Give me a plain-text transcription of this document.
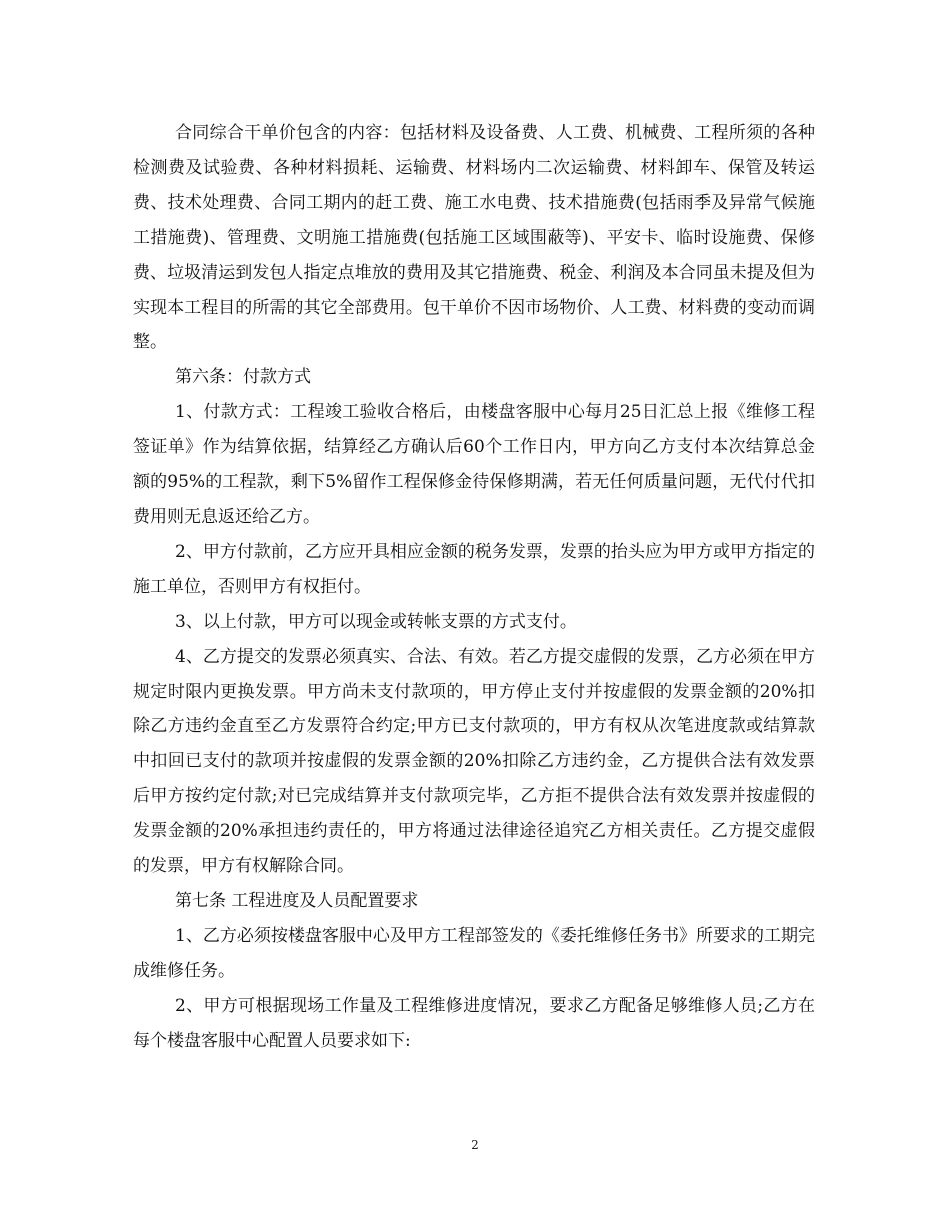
合同综合干单价包含的内容：包括材料及设备费、人工费、机械费、工程所须的各种检测费及试验费、各种材料损耗、运输费、材料场内二次运输费、材料卸车、保管及转运费、技术处理费、合同工期内的赶工费、施工水电费、技术措施费(包括雨季及异常气候施工措施费)、管理费、文明施工措施费(包括施工区域围蔽等)、平安卡、临时设施费、保修费、垃圾清运到发包人指定点堆放的费用及其它措施费、税金、利润及本合同虽未提及但为实现本工程目的所需的其它全部费用。包干单价不因市场物价、人工费、材料费的变动而调整。

第六条：付款方式

1、付款方式：工程竣工验收合格后，由楼盘客服中心每月25日汇总上报《维修工程签证单》作为结算依据，结算经乙方确认后60个工作日内，甲方向乙方支付本次结算总金额的95%的工程款，剩下5%留作工程保修金待保修期满，若无任何质量问题，无代付代扣费用则无息返还给乙方。

2、甲方付款前，乙方应开具相应金额的税务发票，发票的抬头应为甲方或甲方指定的施工单位，否则甲方有权拒付。

3、以上付款，甲方可以现金或转帐支票的方式支付。

4、乙方提交的发票必须真实、合法、有效。若乙方提交虚假的发票，乙方必须在甲方规定时限内更换发票。甲方尚未支付款项的，甲方停止支付并按虚假的发票金额的20%扣除乙方违约金直至乙方发票符合约定;甲方已支付款项的，甲方有权从次笔进度款或结算款中扣回已支付的款项并按虚假的发票金额的20%扣除乙方违约金，乙方提供合法有效发票后甲方按约定付款;对已完成结算并支付款项完毕，乙方拒不提供合法有效发票并按虚假的发票金额的20%承担违约责任的，甲方将通过法律途径追究乙方相关责任。乙方提交虚假的发票，甲方有权解除合同。

第七条 工程进度及人员配置要求

1、乙方必须按楼盘客服中心及甲方工程部签发的《委托维修任务书》所要求的工期完成维修任务。

2、甲方可根据现场工作量及工程维修进度情况，要求乙方配备足够维修人员;乙方在每个楼盘客服中心配置人员要求如下:

2
